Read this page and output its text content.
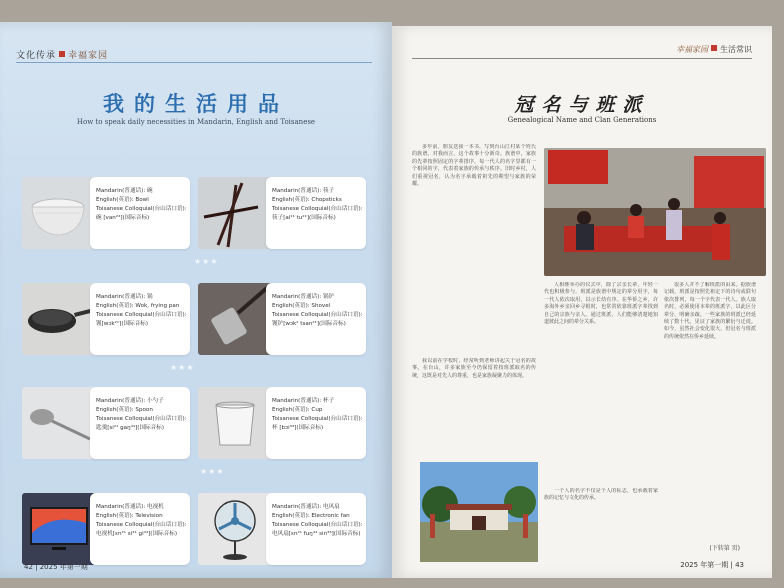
文化传承 幸福家园
我的生活用品
How to speak daily necessities in Mandarin, English and Toisanese
Mandarin(普通话): 碗
English(英语): Bowl
Toisanese Colloquial(台山话口语):
碗 [van²⁴](国际音标)
Mandarin(普通话): 筷子
English(英语): Chopsticks
Toisanese Colloquial(台山话口语):
筷子[ai²¹ tu²¹](国际音标)
★★★
Mandarin(普通话): 锅
English(英语): Wok, frying pan
Toisanese Colloquial(台山话口语):
镬[wɔk²¹](国际音标)
Mandarin(普通话): 锅铲
English(英语): Shovel
Toisanese Colloquial(台山话口语):
镬铲[wɔk² tsan²¹](国际音标)
★★★
Mandarin(普通话): 小勺子
English(英语): Spoon
Toisanese Colloquial(台山话口语):
匙羹[si²¹ ɡaŋ⁴⁴](国际音标)
Mandarin(普通话): 杯子
English(英语): Cup
Toisanese Colloquial(台山话口语):
杯 [bɔi³³](国际音标)
★★★
Mandarin(普通话): 电视机
English(英语): Television
Toisanese Colloquial(台山话口语):
电视机[εn²¹ si³¹ ɡi⁴⁴](国际音标)
Mandarin(普通话): 电风扇
English(英语): Electronic fan
Toisanese Colloquial(台山话口语):
电风扇[εn²¹ fuŋ⁴⁴ sin³³](国际音标)
42 | 2025 年第一期
幸福家园 生活常识
冠名与班派
Genealogical Name and Clan Generations

多年前，朋友送我一本书，写到台山江村某个姓氏的族谱。对我而言，这个故事十分新奇。族谱中，家族的先辈按照固定的字辈排序，每一代人的名字里都有一个相同的字，代表着家族的传承与秩序。旧时乡村，人们重视冠名，认为名字承载着祖先的期望与家族的荣耀。

我以前在学校时，经常听到老师讲起关于冠名的故事。在台山，许多家族至今仍保留着按班派取名的传统，这既是对先人的尊重，也是家族凝聚力的体现。

人相继举办的仪式中，除了宗亲长辈，年轻一代也积极参与。班派是族谱中规定的辈分用字，每一代人依次取用，以示长幼有序。在华侨之乡，许多海外乡亲回乡寻根时，也常常依靠班派字辈找到自己的宗族与亲人。通过班派，人们能够清楚地知道彼此之间的辈分关系。

很多人并不了解班派的由来。据族谱记载，班派是按照先祖定下的诗句或联句依次排列，每一个字代表一代人。族人取名时，必须使用本辈的班派字，以此区分辈分、明确亲疏。一些家族的班派已经延续了数十代，见证了家族的繁衍与迁徙。如今，虽然社会变化很大，但冠名与班派的传统依然在侨乡延续。

一个人的名字不仅是个人的标志，也承载着家族的记忆与文化的传承。

(下转第 页)
2025 年第一期 | 43
